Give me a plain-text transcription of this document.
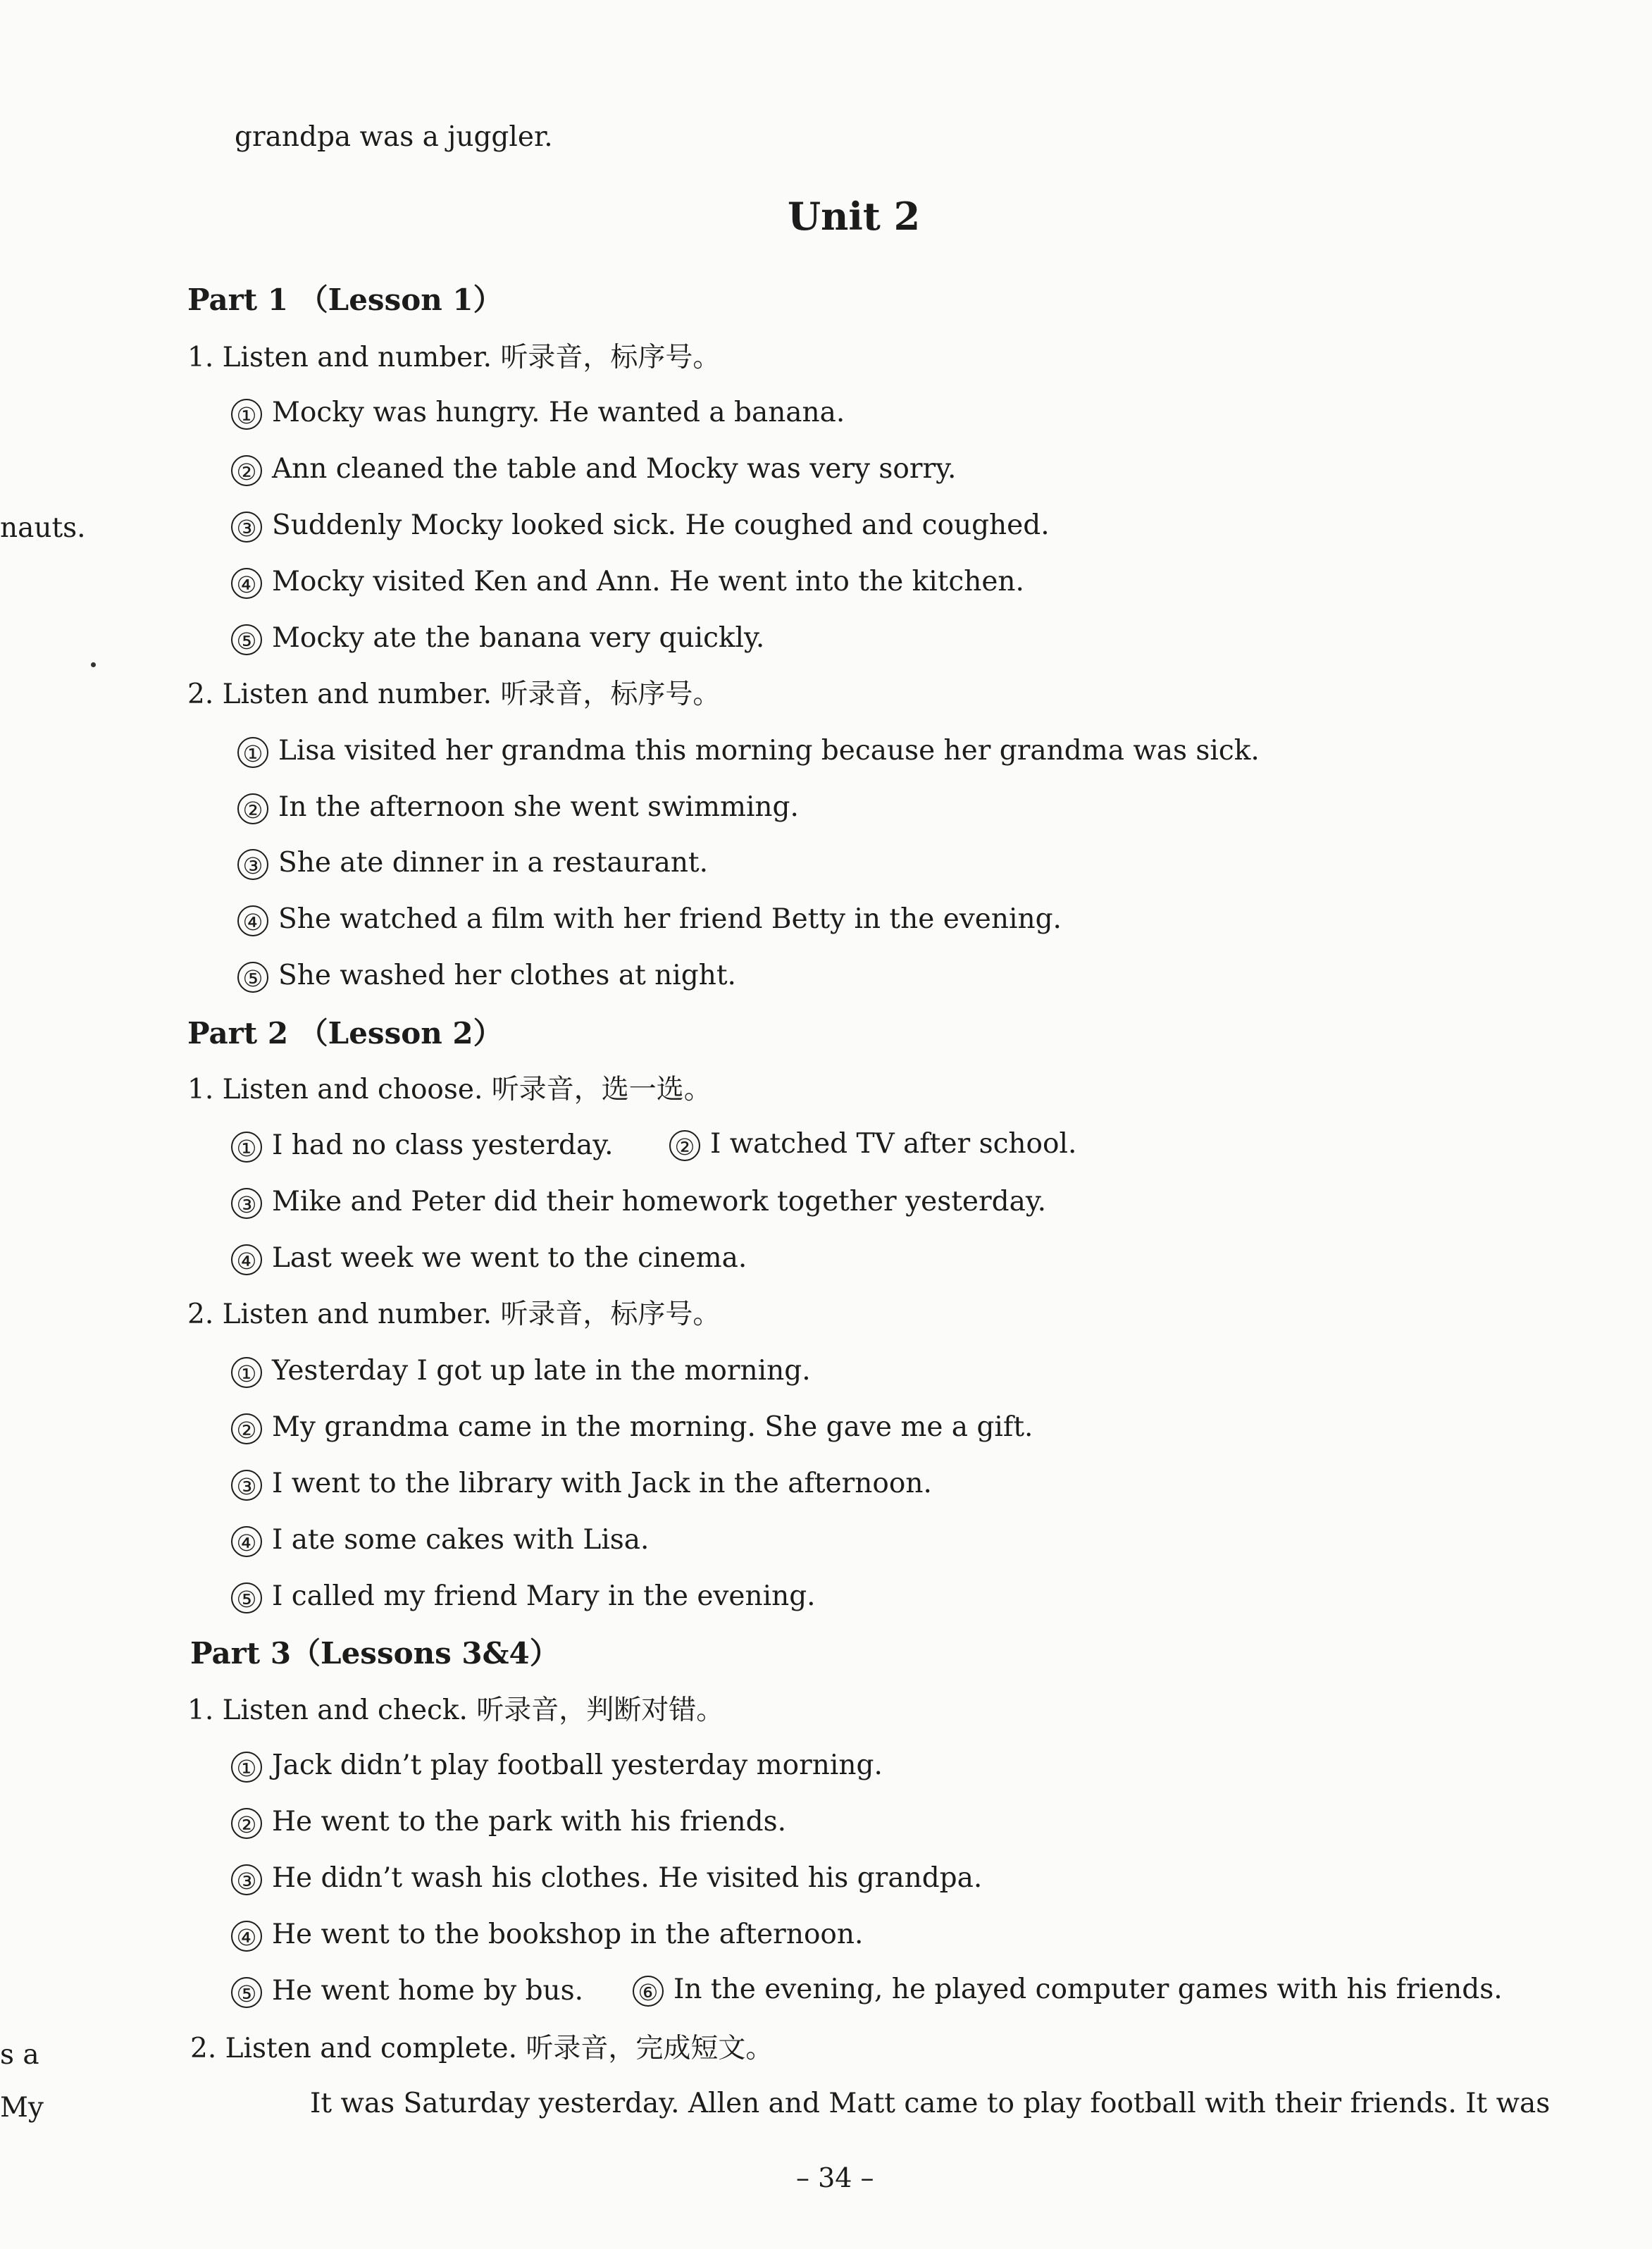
grandpa was a juggler.
Unit 2
nauts.
s a
My
Part 1 （Lesson 1）
1. Listen and number. 听录音，标序号。
① Mocky was hungry. He wanted a banana.
② Ann cleaned the table and Mocky was very sorry.
③ Suddenly Mocky looked sick. He coughed and coughed.
④ Mocky visited Ken and Ann. He went into the kitchen.
⑤ Mocky ate the banana very quickly.
2. Listen and number. 听录音，标序号。
① Lisa visited her grandma this morning because her grandma was sick.
② In the afternoon she went swimming.
③ She ate dinner in a restaurant.
④ She watched a film with her friend Betty in the evening.
⑤ She washed her clothes at night.
Part 2 （Lesson 2）
1. Listen and choose. 听录音，选一选。
① I had no class yesterday.	② I watched TV after school.
③ Mike and Peter did their homework together yesterday.
④ Last week we went to the cinema.
2. Listen and number. 听录音，标序号。
① Yesterday I got up late in the morning.
② My grandma came in the morning. She gave me a gift.
③ I went to the library with Jack in the afternoon.
④ I ate some cakes with Lisa.
⑤ I called my friend Mary in the evening.
Part 3（Lessons 3&4）
1. Listen and check. 听录音，判断对错。
① Jack didn’t play football yesterday morning.
② He went to the park with his friends.
③ He didn’t wash his clothes. He visited his grandpa.
④ He went to the bookshop in the afternoon.
⑤ He went home by bus. ⑥ In the evening, he played computer games with his friends.
2. Listen and complete. 听录音，完成短文。
It was Saturday yesterday. Allen and Matt came to play football with their friends. It was
– 34 –
